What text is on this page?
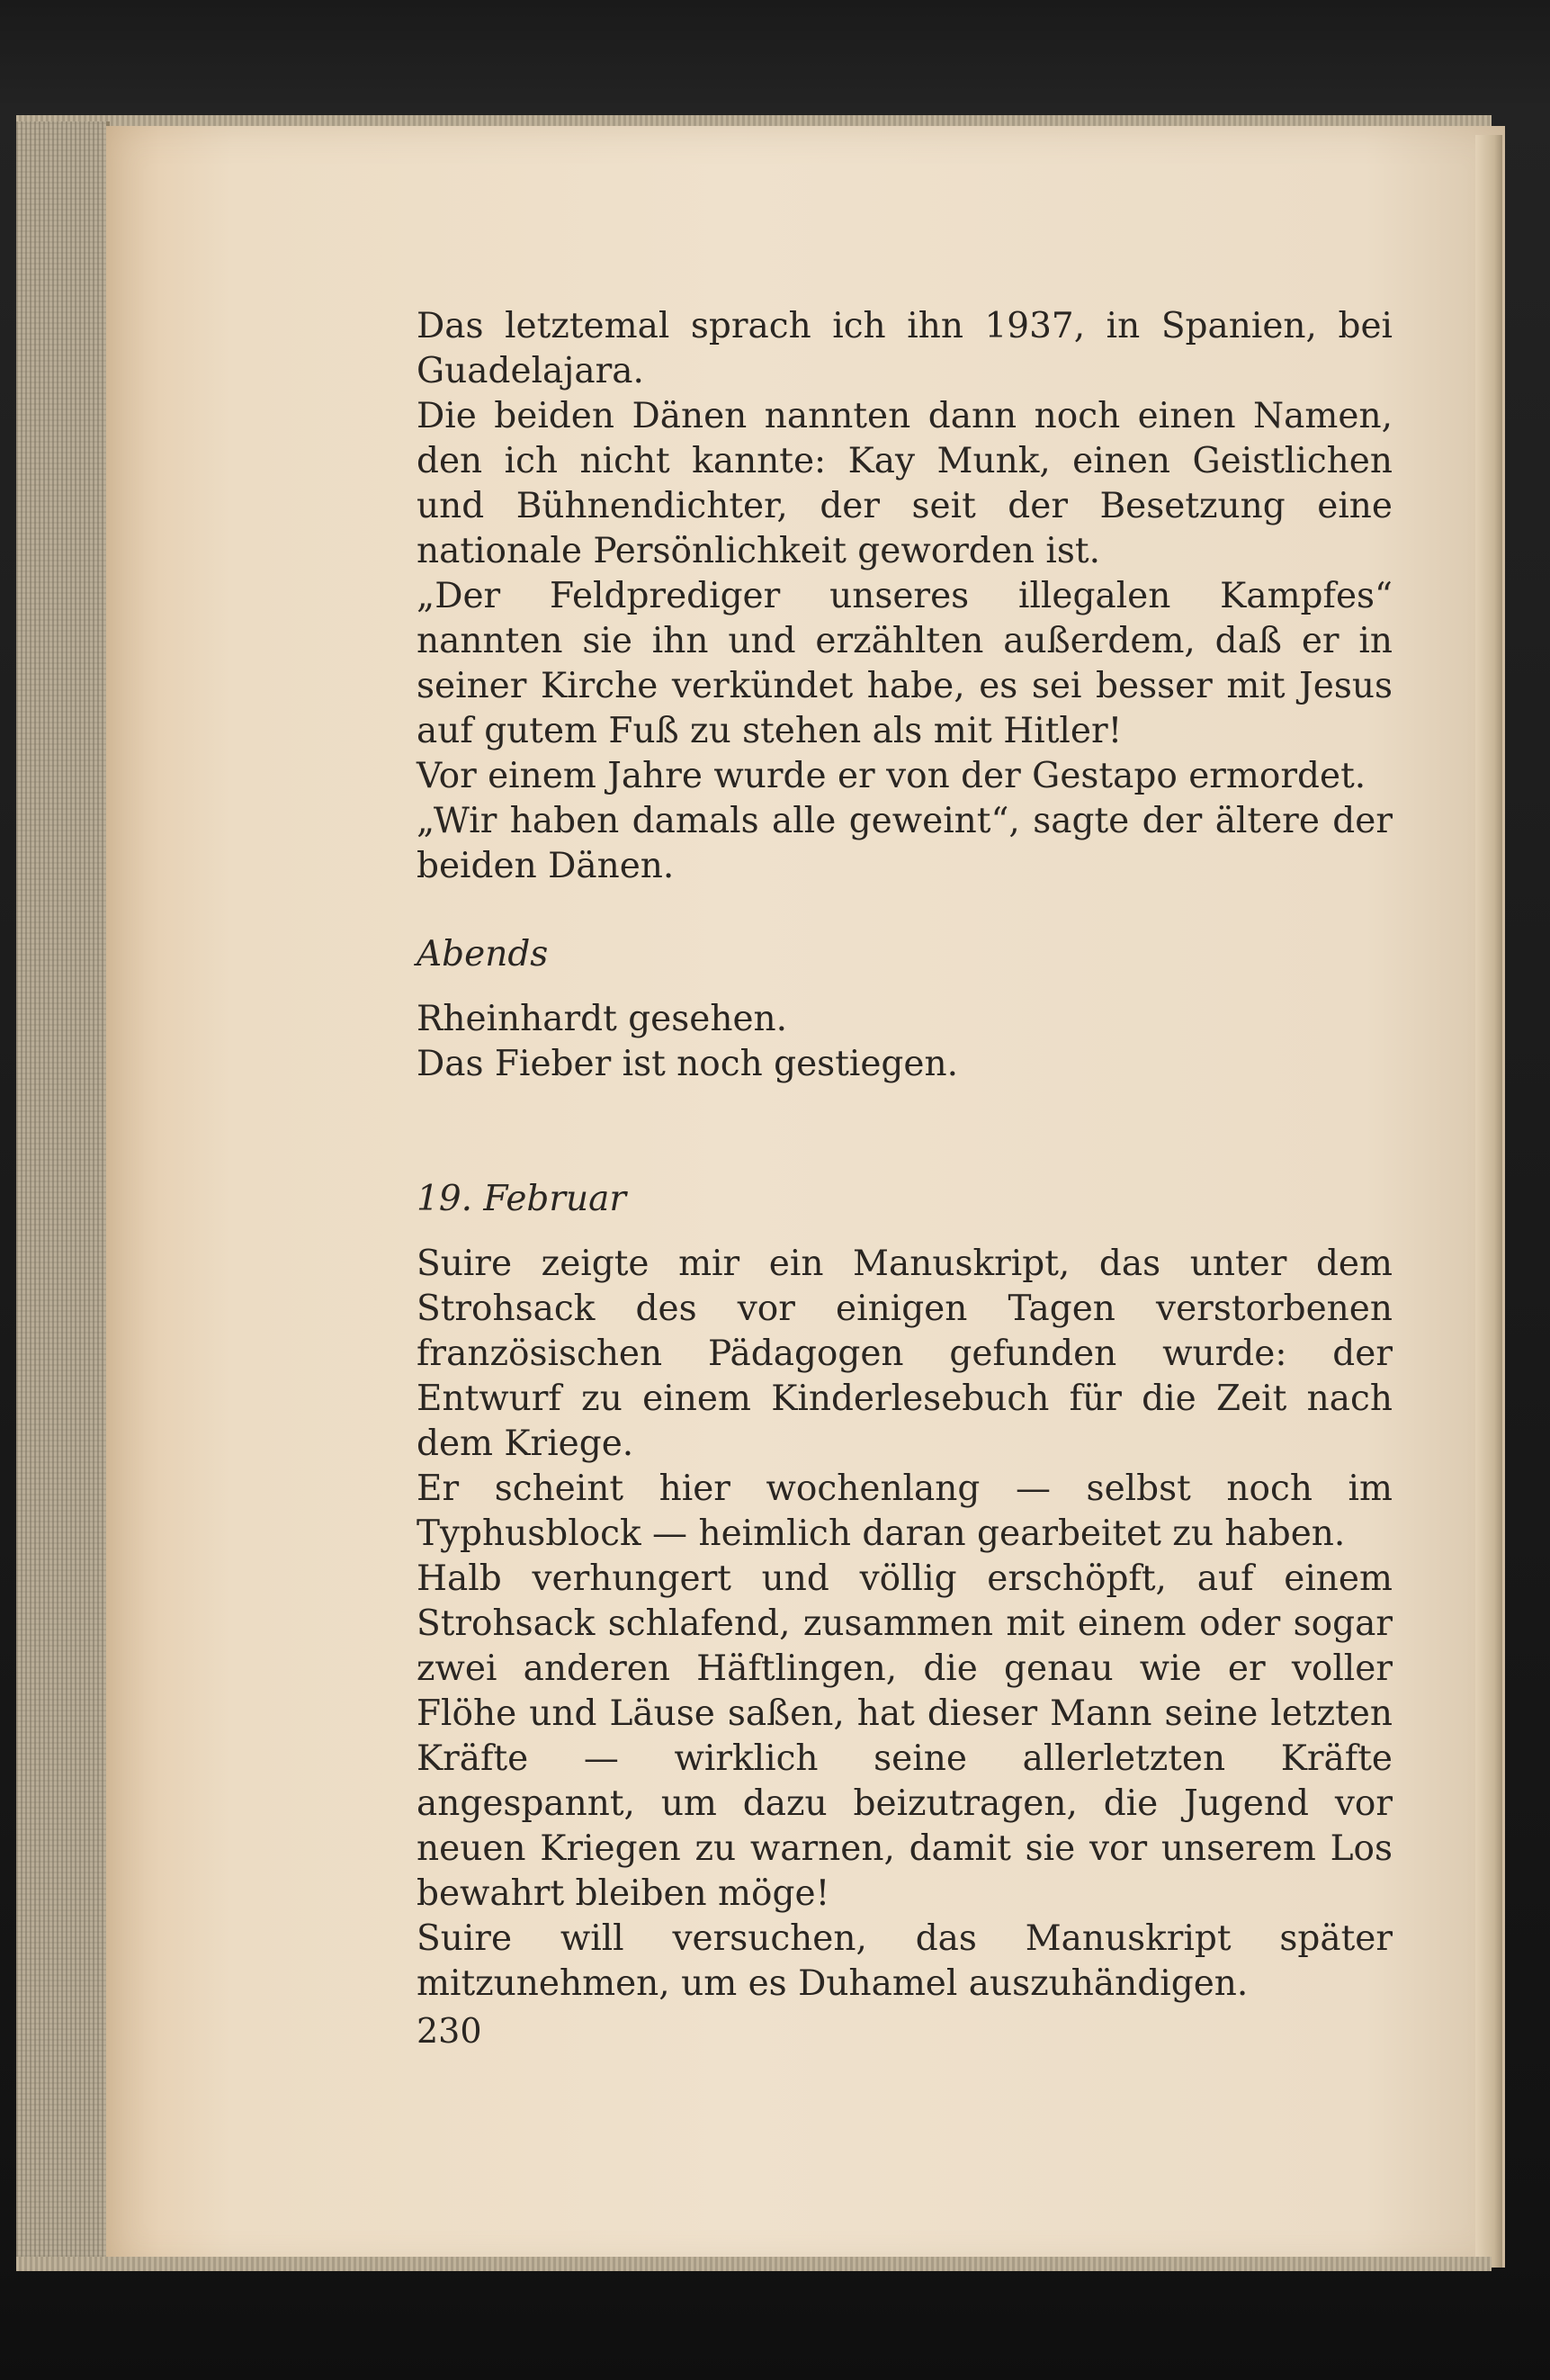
Das letztemal sprach ich ihn 1937, in Spanien, bei Guadelajara.

Die beiden Dänen nannten dann noch einen Namen, den ich nicht kannte: Kay Munk, einen Geistlichen und Bühnendichter, der seit der Besetzung eine nationale Persönlichkeit geworden ist.

„Der Feldprediger unseres illegalen Kampfes“ nannten sie ihn und erzählten außerdem, daß er in seiner Kirche verkündet habe, es sei besser mit Jesus auf gutem Fuß zu stehen als mit Hitler!

Vor einem Jahre wurde er von der Gestapo ermordet.

„Wir haben damals alle geweint“, sagte der ältere der beiden Dänen.

Abends

Rheinhardt gesehen.

Das Fieber ist noch gestiegen.

19. Februar

Suire zeigte mir ein Manuskript, das unter dem Strohsack des vor einigen Tagen verstorbenen französischen Pädagogen gefunden wurde: der Entwurf zu einem Kinderlesebuch für die Zeit nach dem Kriege.

Er scheint hier wochenlang — selbst noch im Typhusblock — heimlich daran gearbeitet zu haben.

Halb verhungert und völlig erschöpft, auf einem Strohsack schlafend, zusammen mit einem oder sogar zwei anderen Häftlingen, die genau wie er voller Flöhe und Läuse saßen, hat dieser Mann seine letzten Kräfte — wirklich seine allerletzten Kräfte angespannt, um dazu beizutragen, die Jugend vor neuen Kriegen zu warnen, damit sie vor unserem Los bewahrt bleiben möge!

Suire will versuchen, das Manuskript später mitzunehmen, um es Duhamel auszuhändigen.

230
